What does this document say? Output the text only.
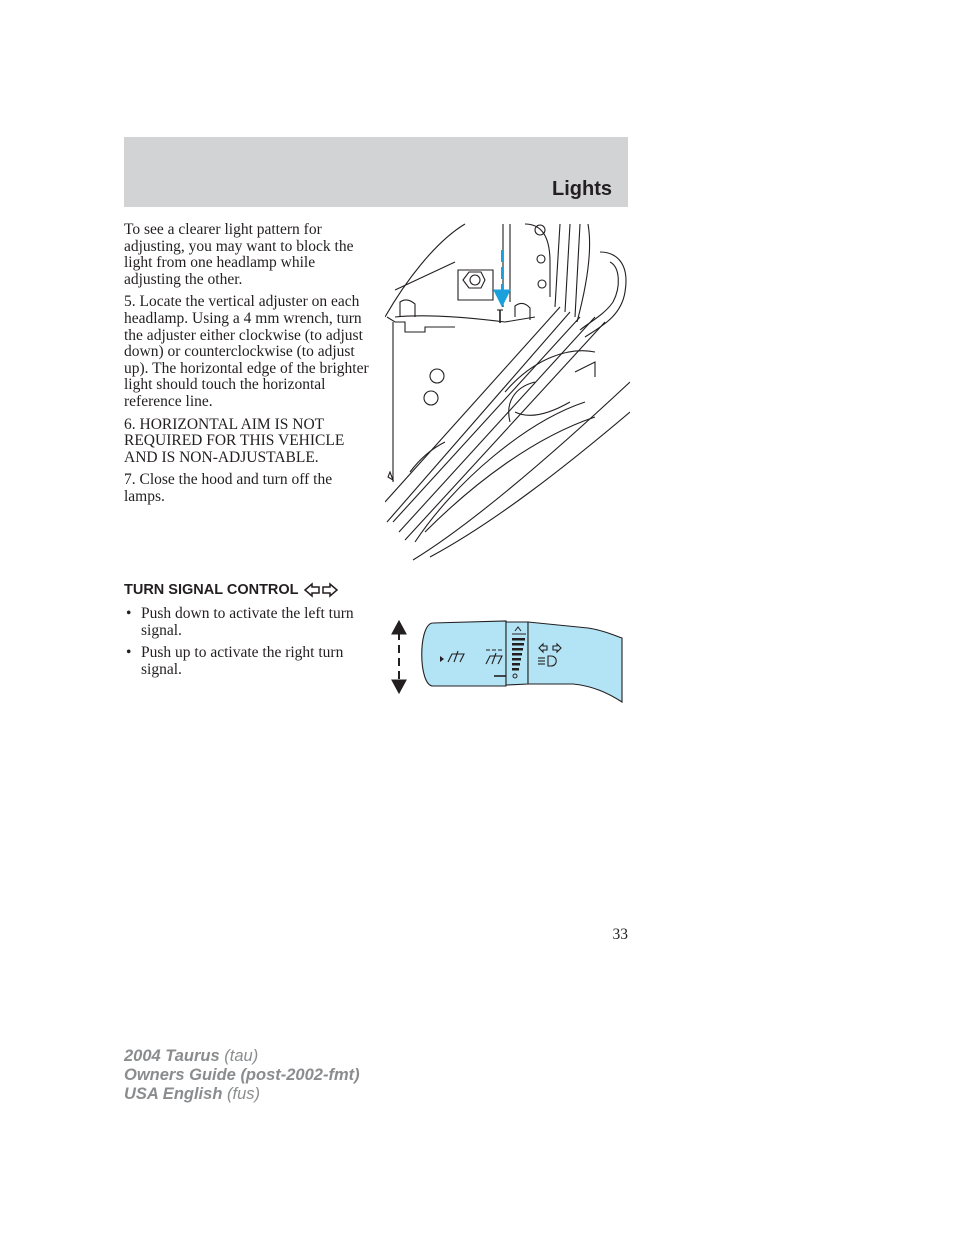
Lights

To see a clearer light pattern for adjusting, you may want to block the light from one headlamp while adjusting the other.

5. Locate the vertical adjuster on each headlamp. Using a 4 mm wrench, turn the adjuster either clockwise (to adjust down) or counterclockwise (to adjust up). The horizontal edge of the brighter light should touch the horizontal reference line.

6. HORIZONTAL AIM IS NOT REQUIRED FOR THIS VEHICLE AND IS NON-ADJUSTABLE.

7. Close the hood and turn off the lamps.

TURN SIGNAL CONTROL
• Push down to activate the left turn signal.
• Push up to activate the right turn signal.
33
2004 Taurus (tau)
Owners Guide (post-2002-fmt)
USA English (fus)
